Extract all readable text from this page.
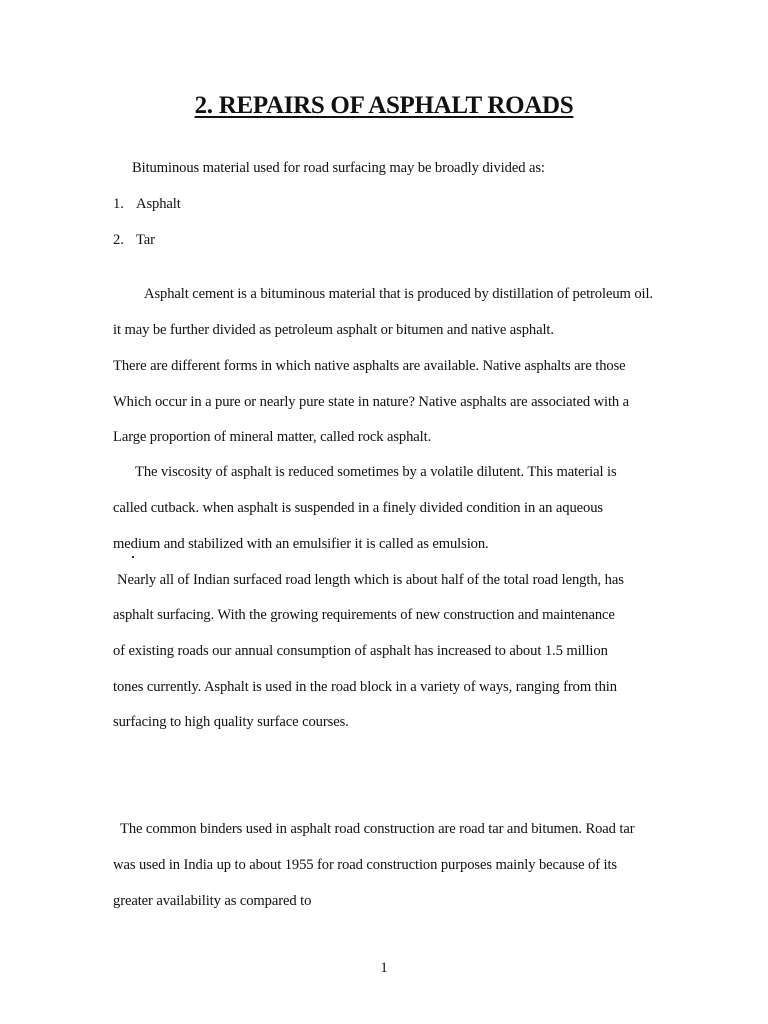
2. REPAIRS OF ASPHALT ROADS
Bituminous material used for road surfacing may be broadly divided as:
1. Asphalt
2. Tar
Asphalt cement is a bituminous material that is produced by distillation of petroleum oil.
it may be further divided as petroleum asphalt or bitumen and native asphalt.
There are different forms in which native asphalts are available. Native asphalts are those
Which occur in a pure or nearly pure state in nature? Native asphalts are associated with a
Large proportion of mineral matter, called rock asphalt.
The viscosity of asphalt is reduced sometimes by a volatile dilutent. This material is
called cutback. when asphalt is suspended in a finely divided condition in an aqueous
medium and stabilized with an emulsifier it is called as emulsion.
Nearly all of Indian surfaced road length which is about half of the total road length, has
asphalt surfacing. With the growing requirements of new construction and maintenance
of existing roads our annual consumption of asphalt has increased to about 1.5 million
tones currently. Asphalt is used in the road block in a variety of ways, ranging from thin
surfacing to high quality surface courses.
The common binders used in asphalt road construction are road tar and bitumen. Road tar
was used in India up to about 1955 for road construction purposes mainly because of its
greater availability as compared to
1
